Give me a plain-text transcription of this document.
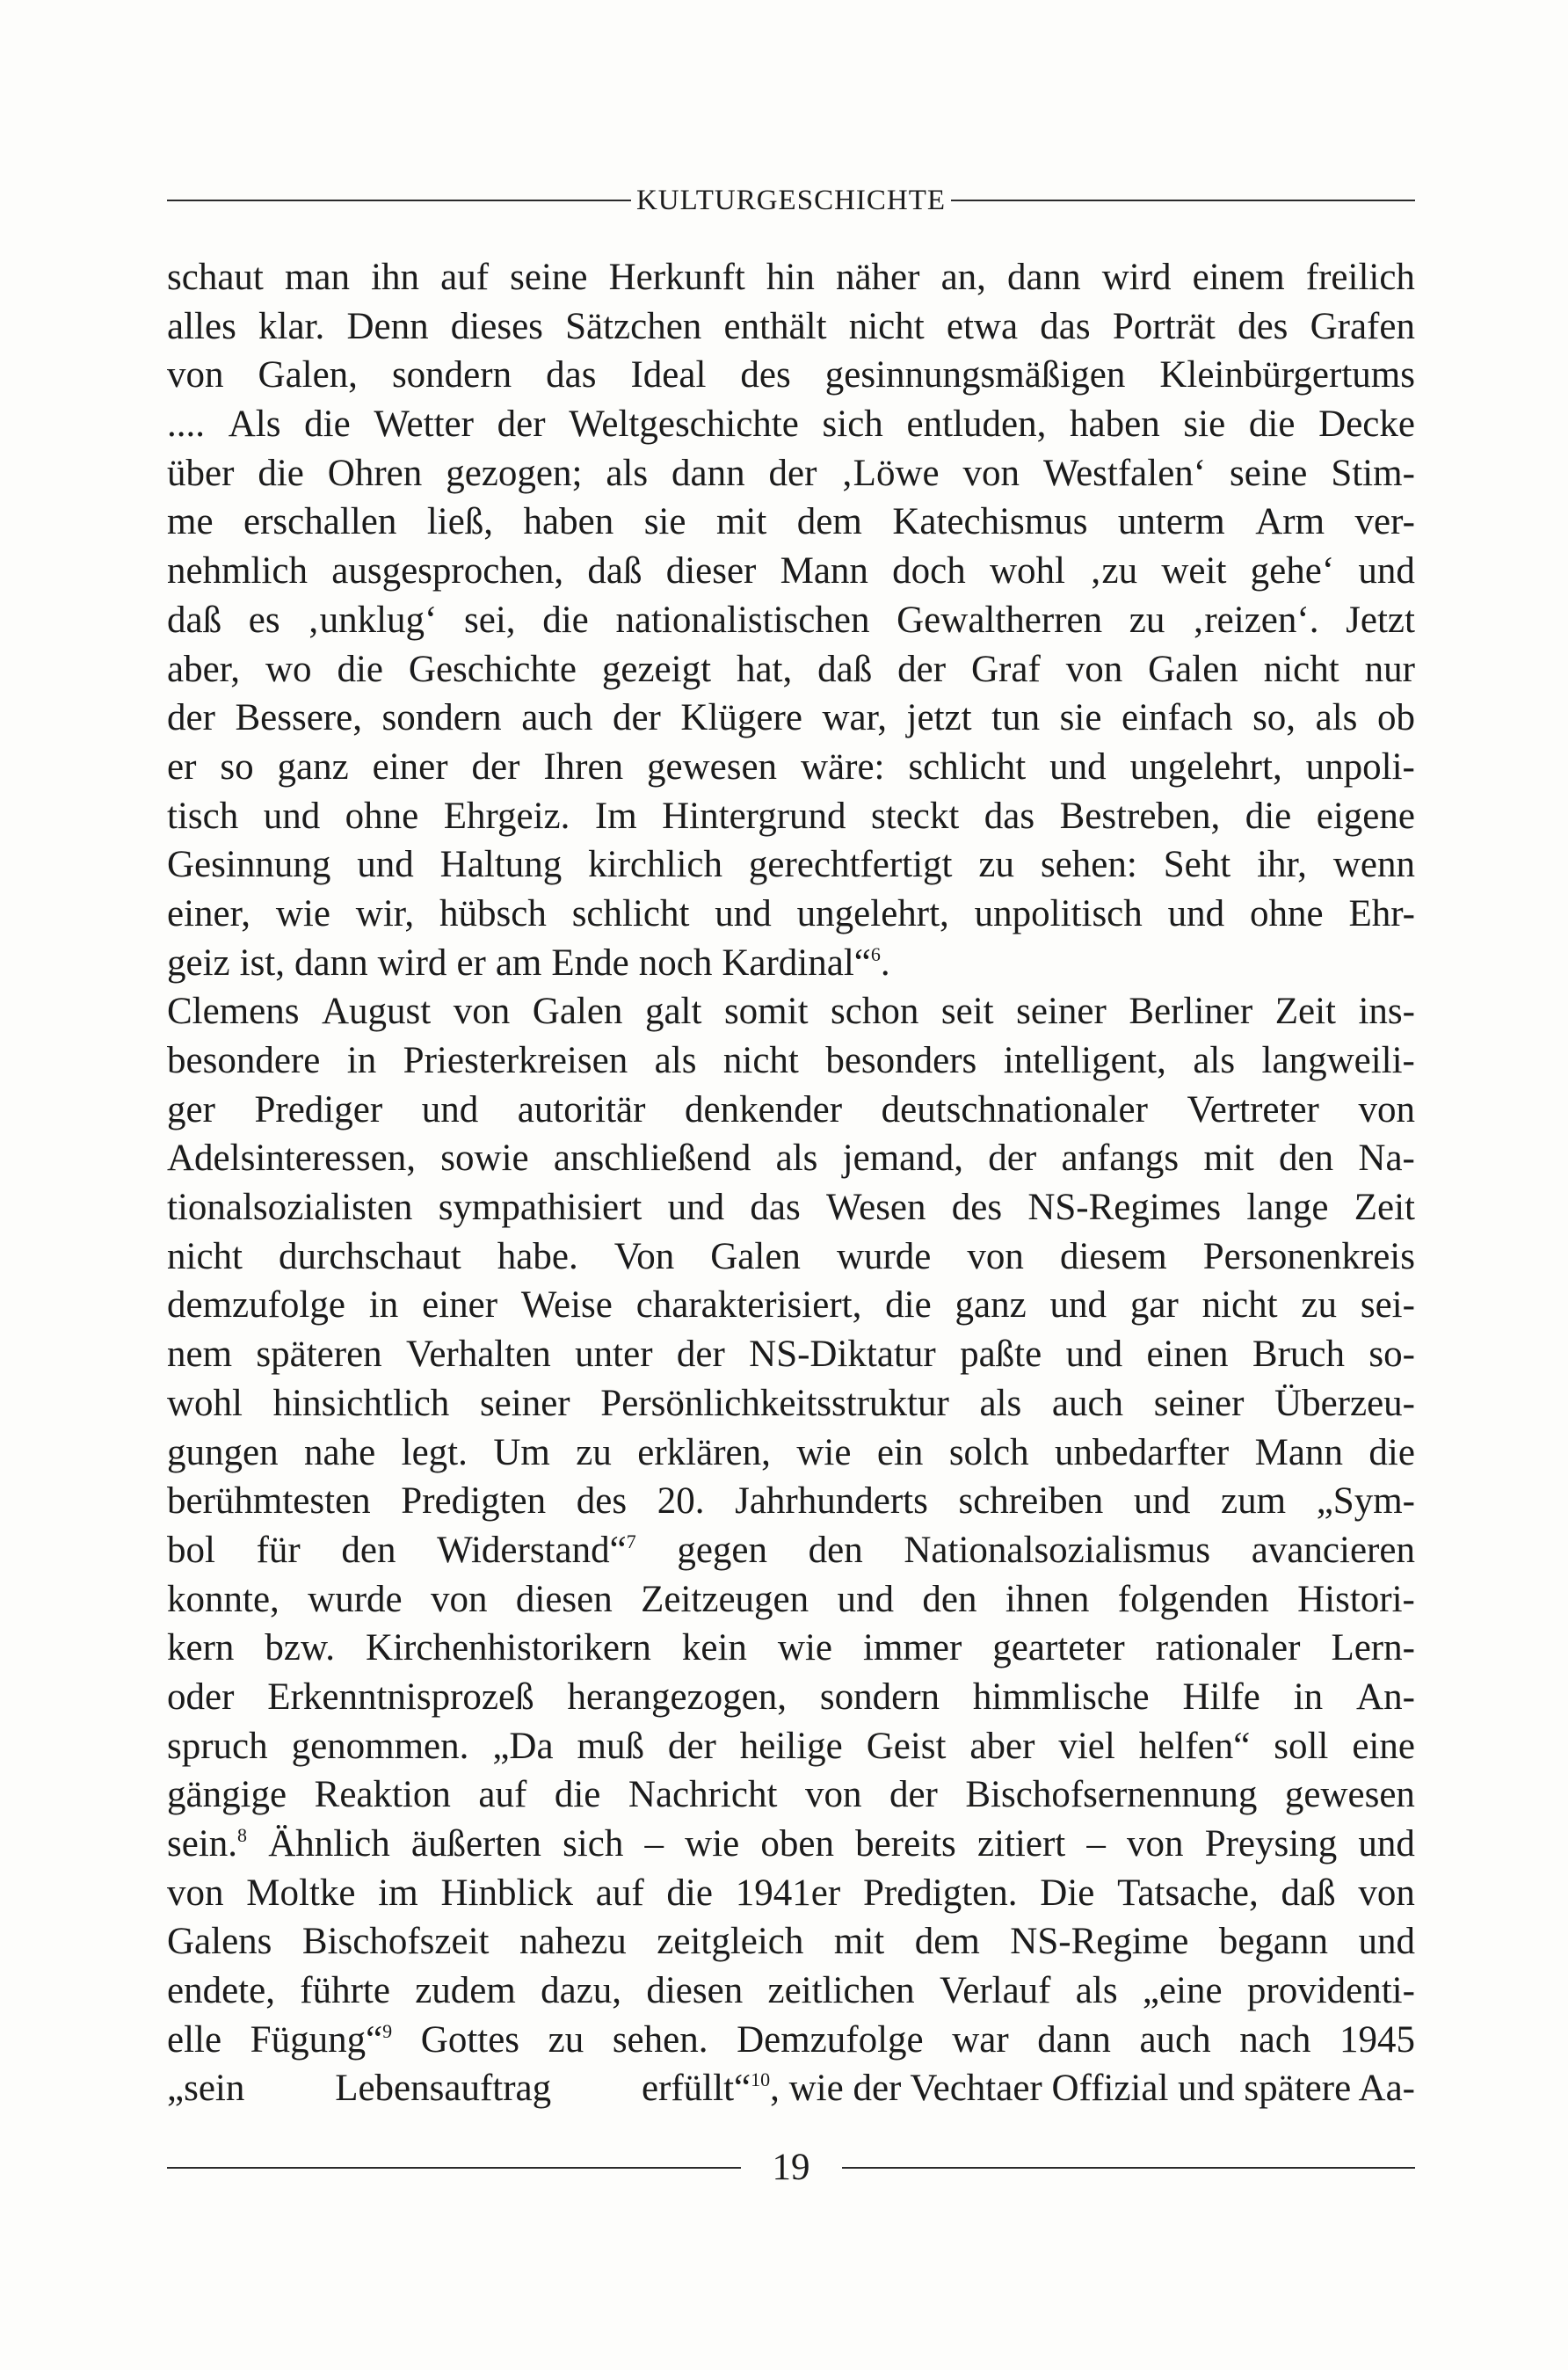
KULTURGESCHICHTE
schaut man ihn auf seine Herkunft hin näher an, dann wird einem freilich
alles klar. Denn dieses Sätzchen enthält nicht etwa das Porträt des Grafen
von Galen, sondern das Ideal des gesinnungsmäßigen Kleinbürgertums
.... Als die Wetter der Weltgeschichte sich entluden, haben sie die Decke
über die Ohren gezogen; als dann der ‚Löwe von Westfalen‘ seine Stim-
me erschallen ließ, haben sie mit dem Katechismus unterm Arm ver-
nehmlich ausgesprochen, daß dieser Mann doch wohl ‚zu weit gehe‘ und
daß es ‚unklug‘ sei, die nationalistischen Gewaltherren zu ‚reizen‘. Jetzt
aber, wo die Geschichte gezeigt hat, daß der Graf von Galen nicht nur
der Bessere, sondern auch der Klügere war, jetzt tun sie einfach so, als ob
er so ganz einer der Ihren gewesen wäre: schlicht und ungelehrt, unpoli-
tisch und ohne Ehrgeiz. Im Hintergrund steckt das Bestreben, die eigene
Gesinnung und Haltung kirchlich gerechtfertigt zu sehen: Seht ihr, wenn
einer, wie wir, hübsch schlicht und ungelehrt, unpolitisch und ohne Ehr-
geiz ist, dann wird er am Ende noch Kardinal“$^6$.
Clemens August von Galen galt somit schon seit seiner Berliner Zeit ins-
besondere in Priesterkreisen als nicht besonders intelligent, als langweili-
ger Prediger und autoritär denkender deutschnationaler Vertreter von
Adelsinteressen, sowie anschließend als jemand, der anfangs mit den Na-
tionalsozialisten sympathisiert und das Wesen des NS-Regimes lange Zeit
nicht durchschaut habe. Von Galen wurde von diesem Personenkreis
demzufolge in einer Weise charakterisiert, die ganz und gar nicht zu sei-
nem späteren Verhalten unter der NS-Diktatur paßte und einen Bruch so-
wohl hinsichtlich seiner Persönlichkeitsstruktur als auch seiner Überzeu-
gungen nahe legt. Um zu erklären, wie ein solch unbedarfter Mann die
berühmtesten Predigten des 20. Jahrhunderts schreiben und zum „Sym-
bol für den Widerstand“$^7$ gegen den Nationalsozialismus avancieren
konnte, wurde von diesen Zeitzeugen und den ihnen folgenden Histori-
kern bzw. Kirchenhistorikern kein wie immer gearteter rationaler Lern-
oder Erkenntnisprozeß herangezogen, sondern himmlische Hilfe in An-
spruch genommen. „Da muß der heilige Geist aber viel helfen“ soll eine
gängige Reaktion auf die Nachricht von der Bischofsernennung gewesen
sein.$^8$ Ähnlich äußerten sich – wie oben bereits zitiert – von Preysing und
von Moltke im Hinblick auf die 1941er Predigten. Die Tatsache, daß von
Galens Bischofszeit nahezu zeitgleich mit dem NS-Regime begann und
endete, führte zudem dazu, diesen zeitlichen Verlauf als „eine providenti-
elle Fügung“$^9$ Gottes zu sehen. Demzufolge war dann auch nach 1945
„sein Lebensauftrag erfüllt“$^{10}$, wie der Vechtaer Offizial und spätere Aa-
19
